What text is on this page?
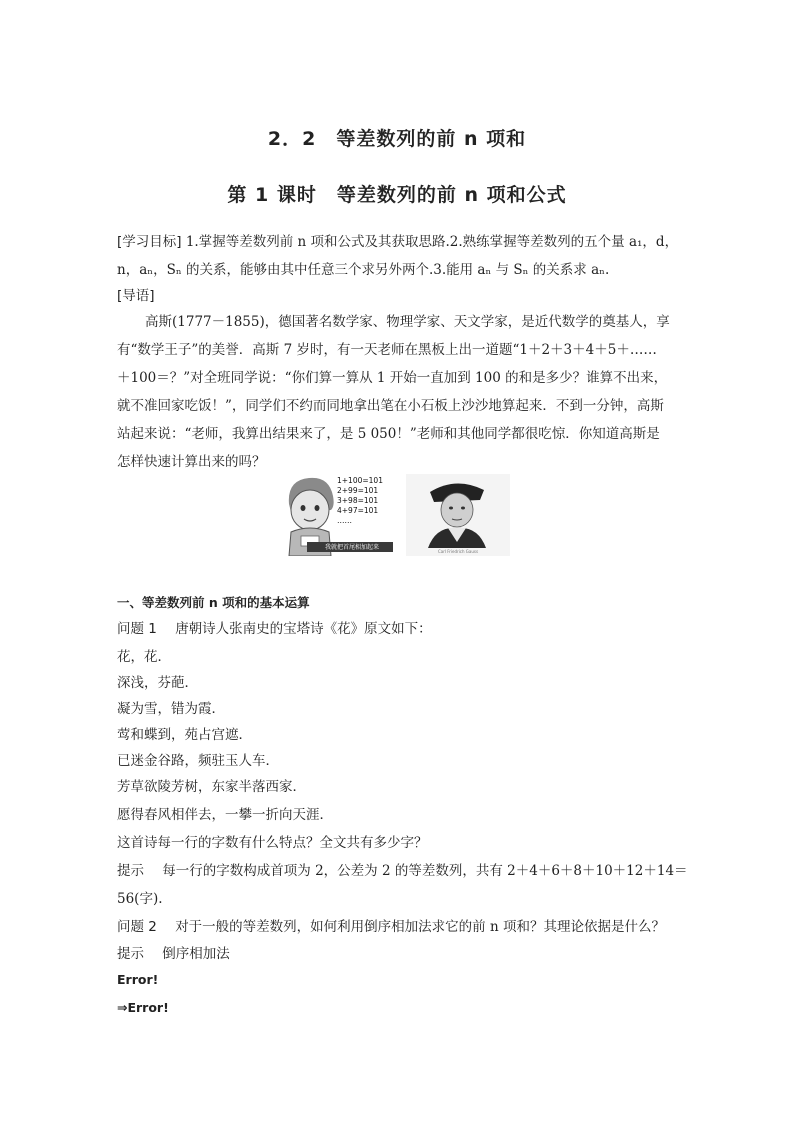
2．2　等差数列的前 n 项和
第 1 课时　等差数列的前 n 项和公式
[学习目标] 1.掌握等差数列前 n 项和公式及其获取思路.2.熟练掌握等差数列的五个量 a₁，d，
n，aₙ，Sₙ 的关系，能够由其中任意三个求另外两个.3.能用 aₙ 与 Sₙ 的关系求 aₙ.
[导语]
高斯(1777－1855)，德国著名数学家、物理学家、天文学家，是近代数学的奠基人，享
有“数学王子”的美誉．高斯 7 岁时，有一天老师在黑板上出一道题“1＋2＋3＋4＋5＋……
＋100＝？”对全班同学说：“你们算一算从 1 开始一直加到 100 的和是多少？谁算不出来，
就不准回家吃饭！”，同学们不约而同地拿出笔在小石板上沙沙地算起来．不到一分钟，高斯
站起来说：“老师，我算出结果来了，是 5 050！”老师和其他同学都很吃惊．你知道高斯是
怎样快速计算出来的吗？
1+100=101
2+99=101
3+98=101
4+97=101
……
我就把首尾相加起来
Carl Friedrich Gauss
一、等差数列前 n 项和的基本运算
问题 1 唐朝诗人张南史的宝塔诗《花》原文如下：
花，花．
深浅，芬葩．
凝为雪，错为霞．
莺和蝶到，苑占宫遮．
已迷金谷路，频驻玉人车．
芳草欲陵芳树，东家半落西家．
愿得春风相伴去，一攀一折向天涯．
这首诗每一行的字数有什么特点？全文共有多少字？
提示 每一行的字数构成首项为 2，公差为 2 的等差数列，共有 2＋4＋6＋8＋10＋12＋14＝
56(字).
问题 2 对于一般的等差数列，如何利用倒序相加法求它的前 n 项和？其理论依据是什么？
提示 倒序相加法
Error!
⇒Error!
